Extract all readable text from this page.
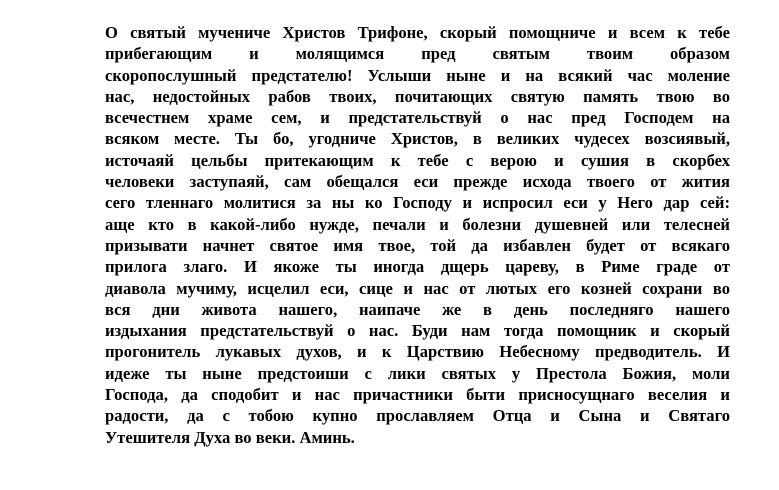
О святый мучениче Христов Трифоне, скорый помощниче и всем к тебе
прибегающим и молящимся пред святым твоим образом
скоропослушный предстателю! Услыши ныне и на всякий час моление
нас, недостойных рабов твоих, почитающих святую память твою во
всечестнем храме сем, и предстательствуй о нас пред Господем на
всяком месте. Ты бо, угодниче Христов, в великих чудесех возсиявый,
источаяй цельбы притекающим к тебе с верою и сушия в скорбех
человеки заступаяй, сам обещался еси прежде исхода твоего от жития
сего тленнаго молитися за ны ко Господу и испросил еси у Него дар сей:
аще кто в какой-либо нужде, печали и болезни душевней или телесней
призывати начнет святое имя твое, той да избавлен будет от всякаго
прилога злаго. И якоже ты иногда дщерь цареву, в Риме граде от
диавола мучиму, исцелил еси, сице и нас от лютых его козней сохрани во
вся дни живота нашего, наипаче же в день последняго нашего
издыхания предстательствуй о нас. Буди нам тогда помощник и скорый
прогонитель лукавых духов, и к Царствию Небесному предводитель. И
идеже ты ныне предстоиши с лики святых у Престола Божия, моли
Господа, да сподобит и нас причастники быти присносущнаго веселия и
радости, да с тобою купно прославляем Отца и Сына и Святаго
Утешителя Духа во веки. Аминь.
